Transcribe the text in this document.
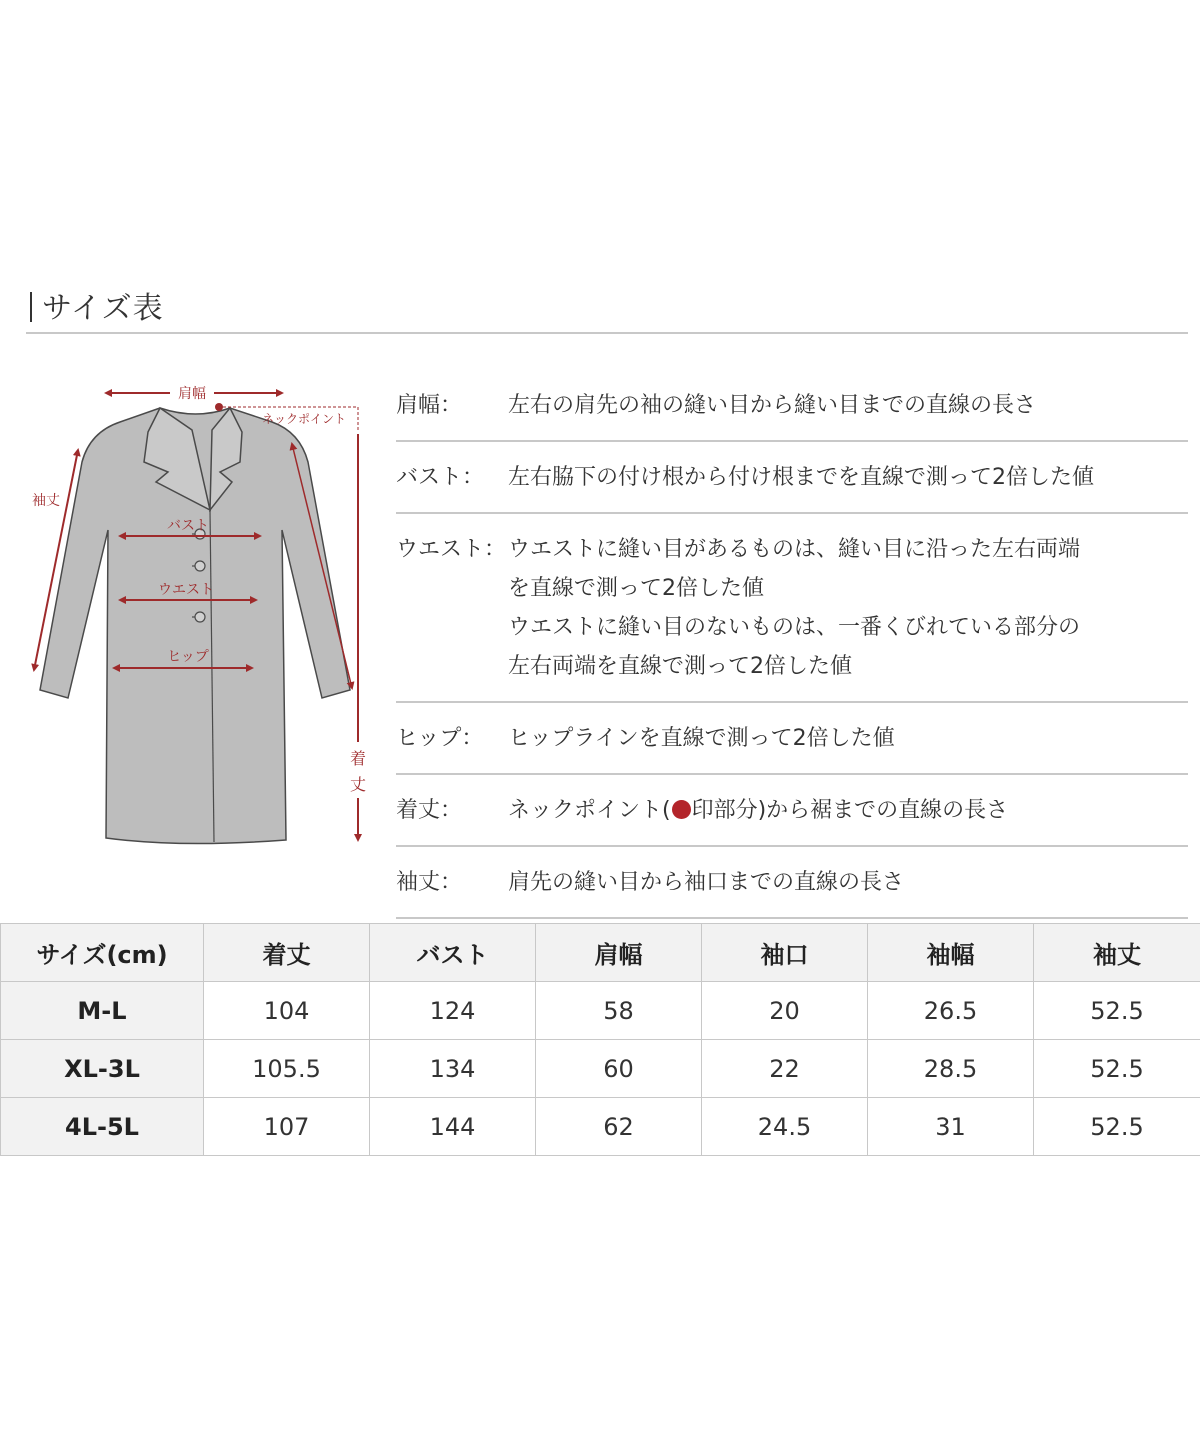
サイズ表
肩幅
ネックポイント
袖丈
バスト
ウエスト
ヒップ
着
丈
肩幅：	左右の肩先の袖の縫い目から縫い目までの直線の長さ
バスト：	左右脇下の付け根から付け根までを直線で測って2倍した値
ウエスト： ウエストに縫い目があるものは、縫い目に沿った左右両端
を直線で測って2倍した値
ウエストに縫い目のないものは、一番くびれている部分の
左右両端を直線で測って2倍した値
ヒップ：	ヒップラインを直線で測って2倍した値
着丈：	ネックポイント( 印部分)から裾までの直線の長さ
袖丈：	肩先の縫い目から袖口までの直線の長さ
サイズ(cm)	着丈	バスト	肩幅	袖口	袖幅	袖丈
M-L	104	124	58	20	26.5	52.5
XL-3L	105.5	134	60	22	28.5	52.5
4L-5L	107	144	62	24.5	31	52.5
